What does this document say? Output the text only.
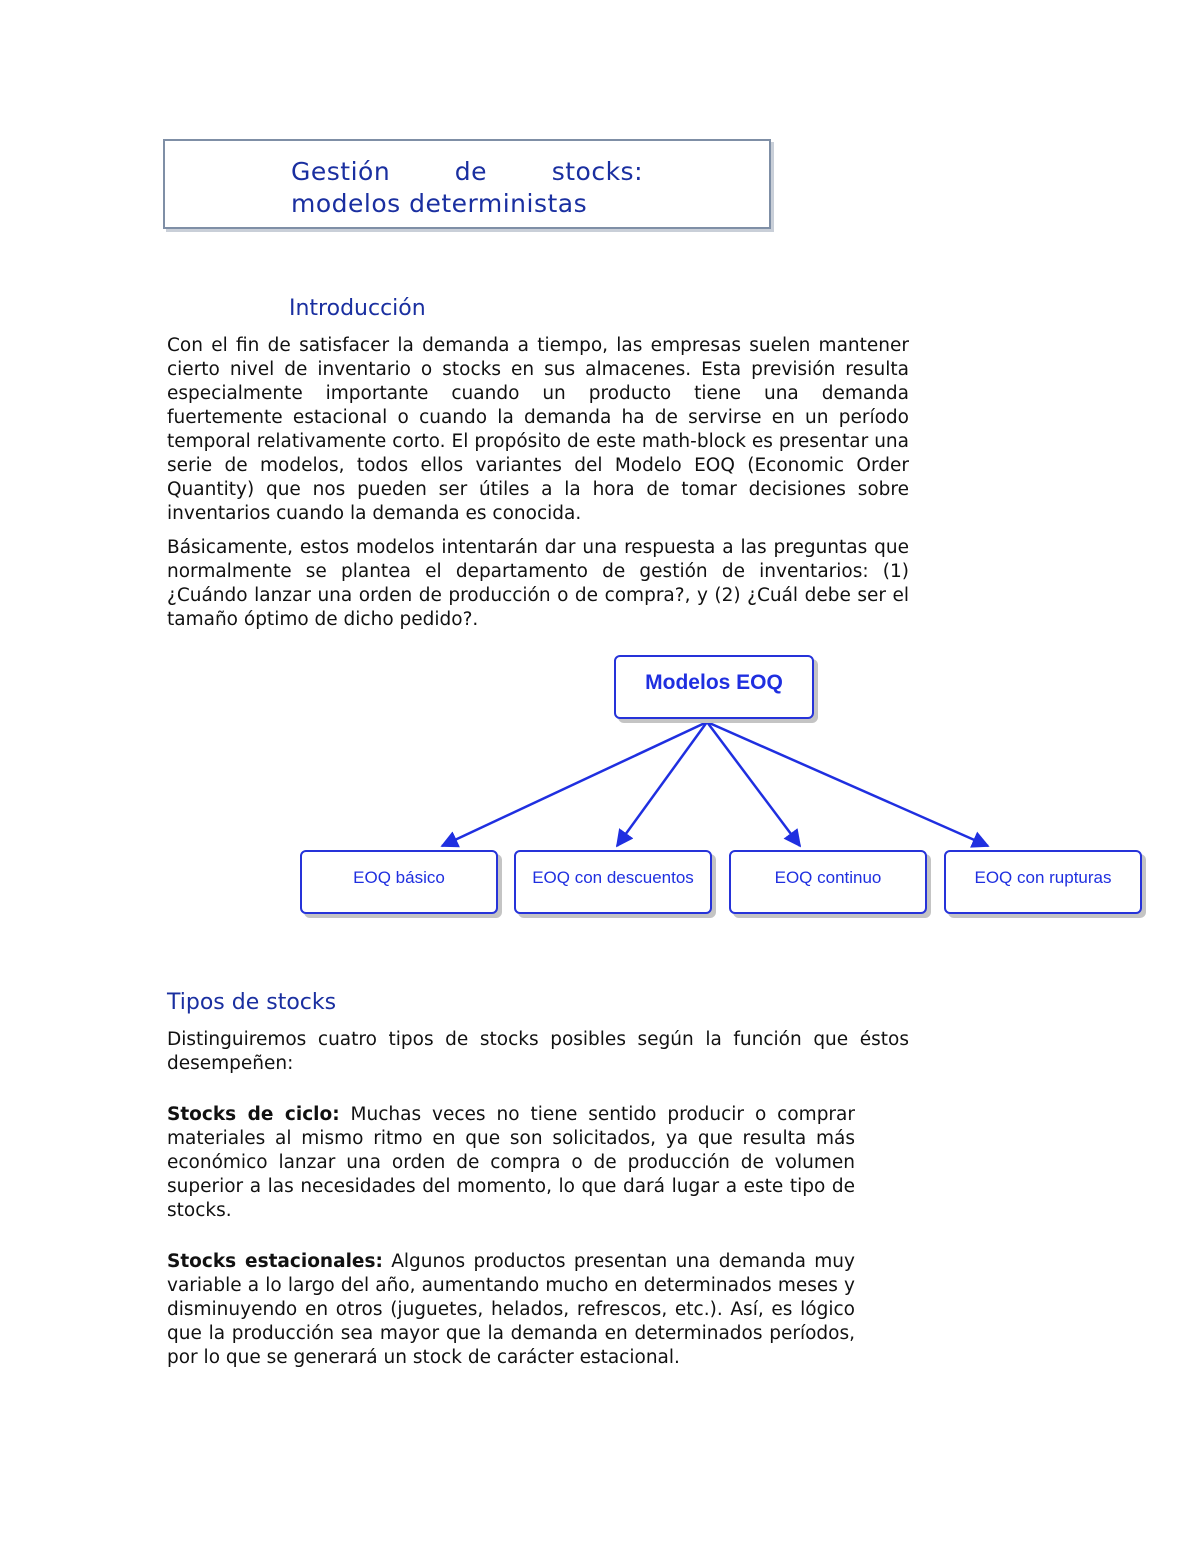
Gestión de stocks:
modelos deterministas
Introducción

Con el fin de satisfacer la demanda a tiempo, las empresas suelen mantener cierto nivel de inventario o stocks en sus almacenes. Esta previsión resulta especialmente importante cuando un producto tiene una demanda fuertemente estacional o cuando la demanda ha de servirse en un período temporal relativamente corto. El propósito de este math-block es presentar una serie de modelos, todos ellos variantes del Modelo EOQ (Economic Order Quantity) que nos pueden ser útiles a la hora de tomar decisiones sobre inventarios cuando la demanda es conocida.

Básicamente, estos modelos intentarán dar una respuesta a las preguntas que normalmente se plantea el departamento de gestión de inventarios: (1) ¿Cuándo lanzar una orden de producción o de compra?, y (2) ¿Cuál debe ser el tamaño óptimo de dicho pedido?.

Modelos EOQ
EOQ básico	EOQ con descuentos	EOQ continuo	EOQ con rupturas
Tipos de stocks

Distinguiremos cuatro tipos de stocks posibles según la función que éstos desempeñen:

Stocks de ciclo: Muchas veces no tiene sentido producir o comprar materiales al mismo ritmo en que son solicitados, ya que resulta más económico lanzar una orden de compra o de producción de volumen superior a las necesidades del momento, lo que dará lugar a este tipo de stocks.

Stocks estacionales: Algunos productos presentan una demanda muy variable a lo largo del año, aumentando mucho en determinados meses y disminuyendo en otros (juguetes, helados, refrescos, etc.). Así, es lógico que la producción sea mayor que la demanda en determinados períodos, por lo que se generará un stock de carácter estacional.
